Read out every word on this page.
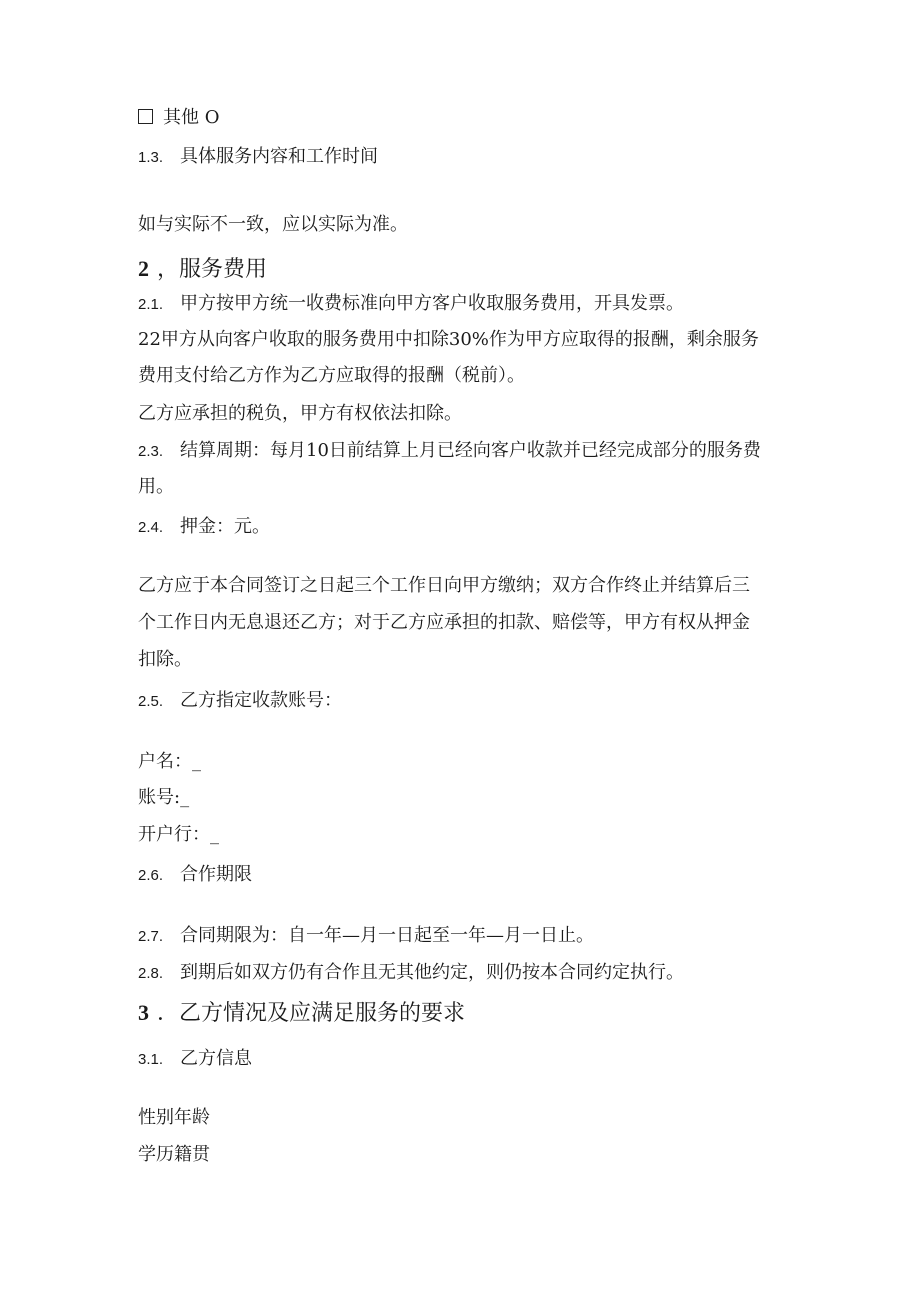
其他 O
1.3. 具体服务内容和工作时间
如与实际不一致，应以实际为准。
2 ，服务费用
2.1. 甲方按甲方统一收费标准向甲方客户收取服务费用，开具发票。
22甲方从向客户收取的服务费用中扣除30%作为甲方应取得的报酬，剩余服务
费用支付给乙方作为乙方应取得的报酬（税前）。
乙方应承担的税负，甲方有权依法扣除。
2.3. 结算周期：每月10日前结算上月已经向客户收款并已经完成部分的服务费
用。
2.4. 押金：元。
乙方应于本合同签订之日起三个工作日向甲方缴纳；双方合作终止并结算后三
个工作日内无息退还乙方；对于乙方应承担的扣款、赔偿等，甲方有权从押金
扣除。
2.5. 乙方指定收款账号：
户名：_
账号:_
开户行：_
2.6. 合作期限
2.7. 合同期限为：自一年—月一日起至一年—月一日止。
2.8. 到期后如双方仍有合作且无其他约定，则仍按本合同约定执行。
3 ．乙方情况及应满足服务的要求
3.1. 乙方信息
性别年龄
学历籍贯
